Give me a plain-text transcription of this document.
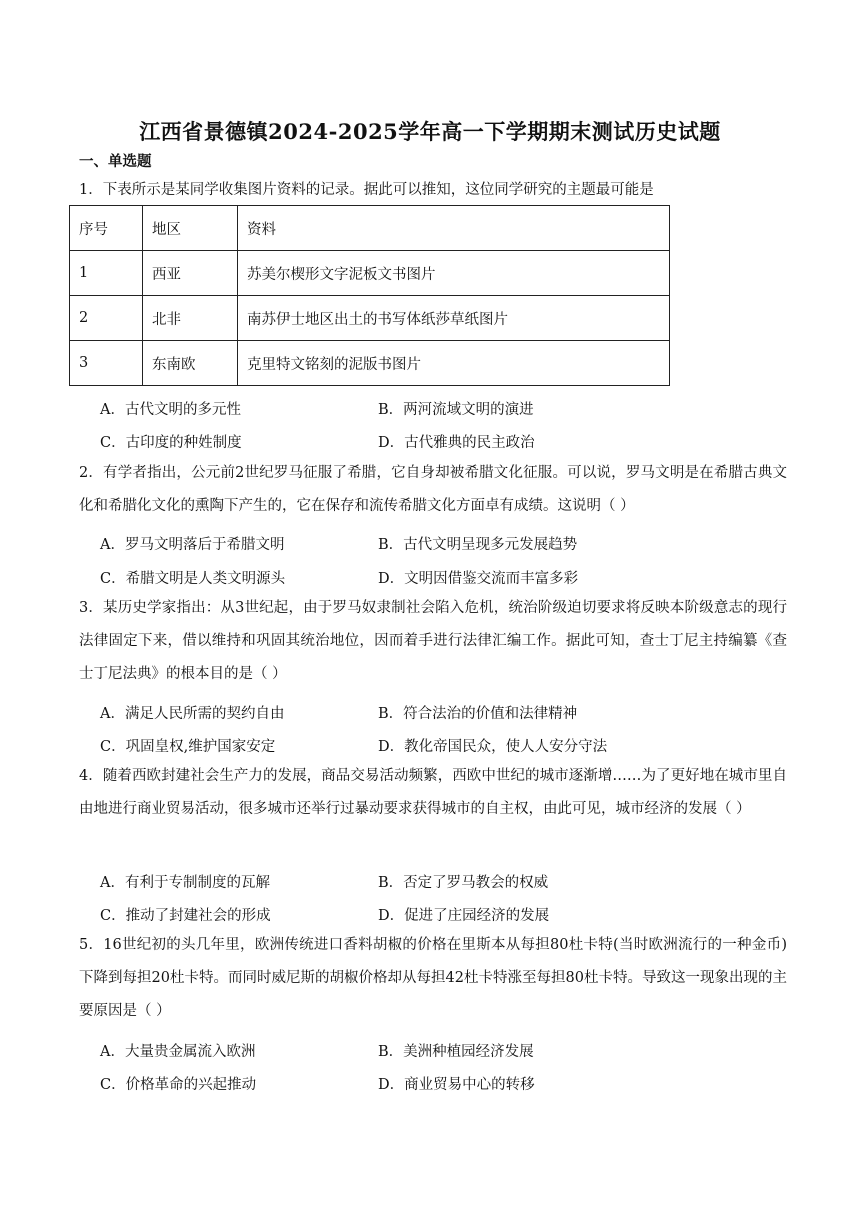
江西省景德镇2024-2025学年高一下学期期末测试历史试题
一、单选题
1．下表所示是某同学收集图片资料的记录。据此可以推知，这位同学研究的主题最可能是
序号	地区	资料
1	西亚	苏美尔楔形文字泥板文书图片
2	北非	南苏伊士地区出土的书写体纸莎草纸图片
3	东南欧	克里特文铭刻的泥版书图片
A．古代文明的多元性	B．两河流域文明的演进
C．古印度的种姓制度	D．古代雅典的民主政治
2．有学者指出，公元前2世纪罗马征服了希腊，它自身却被希腊文化征服。可以说，罗马文明是在希腊古典文化和希腊化文化的熏陶下产生的，它在保存和流传希腊文化方面卓有成绩。这说明（ ）
A．罗马文明落后于希腊文明	B．古代文明呈现多元发展趋势
C．希腊文明是人类文明源头	D．文明因借鉴交流而丰富多彩
3．某历史学家指出：从3世纪起，由于罗马奴隶制社会陷入危机，统治阶级迫切要求将反映本阶级意志的现行法律固定下来，借以维持和巩固其统治地位，因而着手进行法律汇编工作。据此可知，查士丁尼主持编纂《查士丁尼法典》的根本目的是（ ）
A．满足人民所需的契约自由	B．符合法治的价值和法律精神
C．巩固皇权,维护国家安定	D．教化帝国民众，使人人安分守法
4．随着西欧封建社会生产力的发展，商品交易活动频繁，西欧中世纪的城市逐渐增……为了更好地在城市里自由地进行商业贸易活动，很多城市还举行过暴动要求获得城市的自主权，由此可见，城市经济的发展（ ）
A．有利于专制制度的瓦解	B．否定了罗马教会的权威
C．推动了封建社会的形成	D．促进了庄园经济的发展
5．16世纪初的头几年里，欧洲传统进口香料胡椒的价格在里斯本从每担80杜卡特(当时欧洲流行的一种金币)下降到每担20杜卡特。而同时威尼斯的胡椒价格却从每担42杜卡特涨至每担80杜卡特。导致这一现象出现的主要原因是（ ）
A．大量贵金属流入欧洲	B．美洲种植园经济发展
C．价格革命的兴起推动	D．商业贸易中心的转移
